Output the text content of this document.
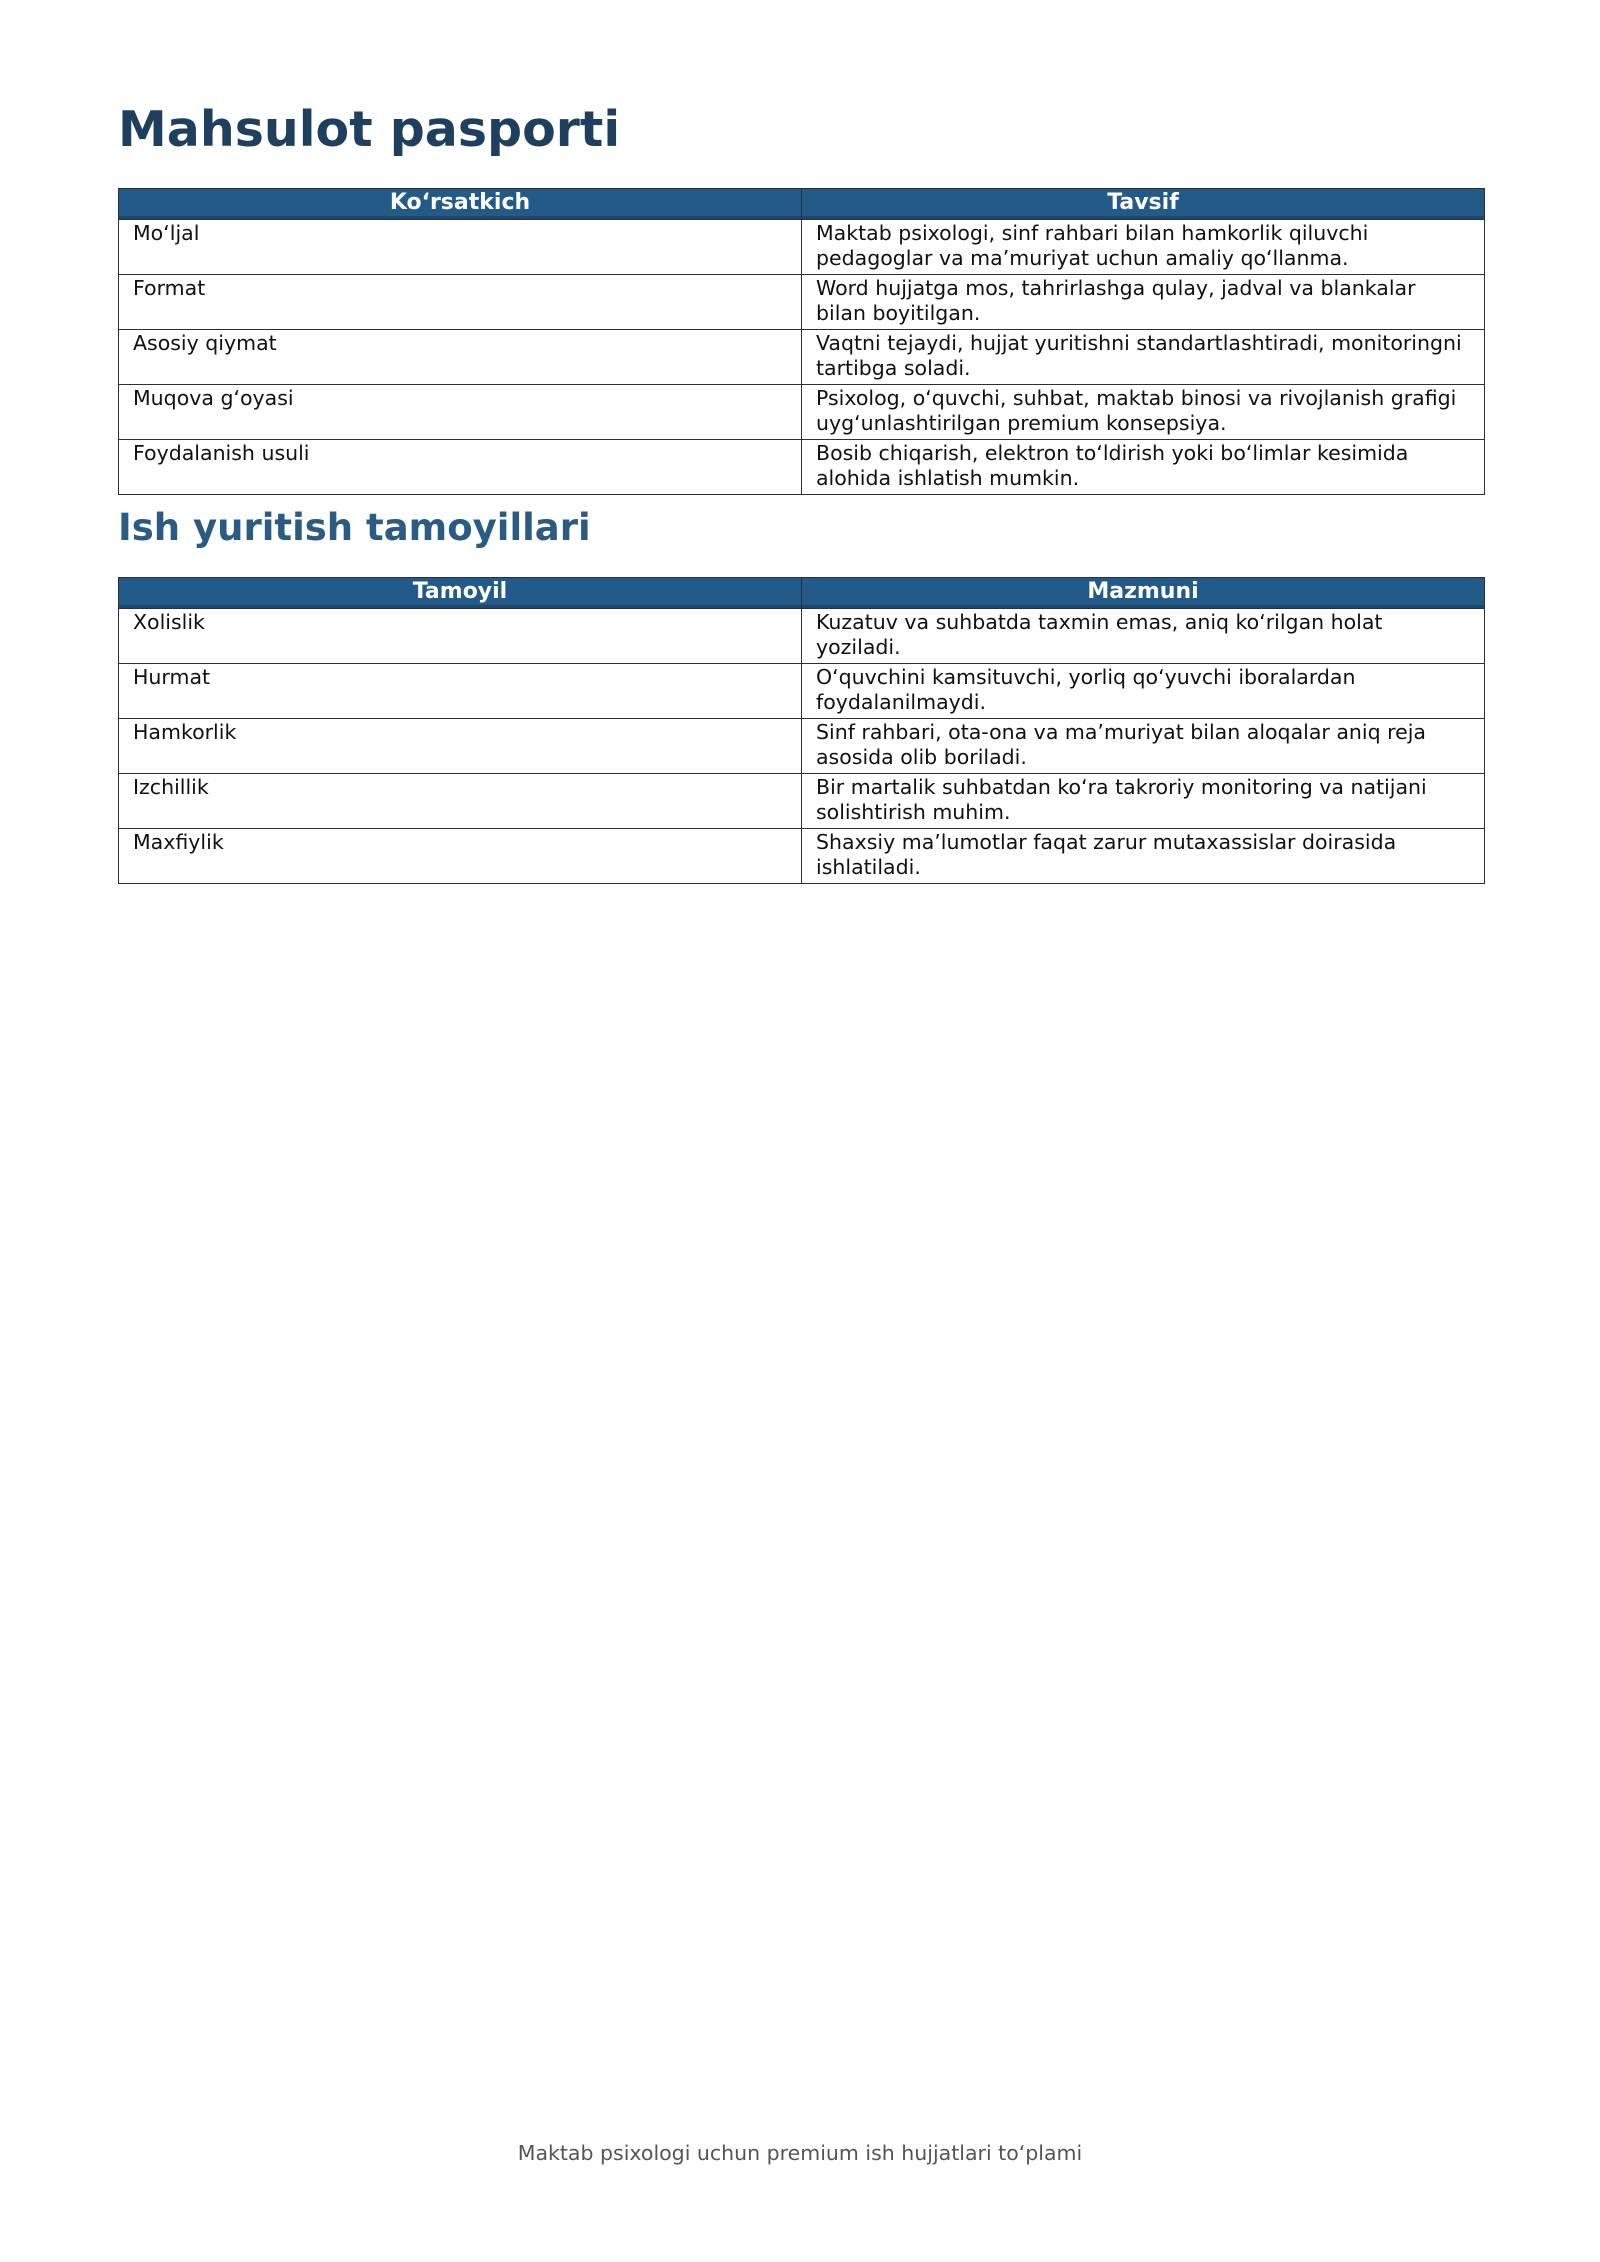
Mahsulot pasporti
Ko‘rsatkich	Tavsif
Mo‘ljal	Maktab psixologi, sinf rahbari bilan hamkorlik qiluvchi pedagoglar va ma’muriyat uchun amaliy qo‘llanma.
Format	Word hujjatga mos, tahrirlashga qulay, jadval va blankalar bilan boyitilgan.
Asosiy qiymat	Vaqtni tejaydi, hujjat yuritishni standartlashtiradi, monitoringni tartibga soladi.
Muqova g‘oyasi	Psixolog, o‘quvchi, suhbat, maktab binosi va rivojlanish grafigi uyg‘unlashtirilgan premium konsepsiya.
Foydalanish usuli	Bosib chiqarish, elektron to‘ldirish yoki bo‘limlar kesimida alohida ishlatish mumkin.
Ish yuritish tamoyillari
Tamoyil	Mazmuni
Xolislik	Kuzatuv va suhbatda taxmin emas, aniq ko‘rilgan holat yoziladi.
Hurmat	O‘quvchini kamsituvchi, yorliq qo‘yuvchi iboralardan foydalanilmaydi.
Hamkorlik	Sinf rahbari, ota-ona va ma’muriyat bilan aloqalar aniq reja asosida olib boriladi.
Izchillik	Bir martalik suhbatdan ko‘ra takroriy monitoring va natijani solishtirish muhim.
Maxfiylik	Shaxsiy ma’lumotlar faqat zarur mutaxassislar doirasida ishlatiladi.
Maktab psixologi uchun premium ish hujjatlari to‘plami
